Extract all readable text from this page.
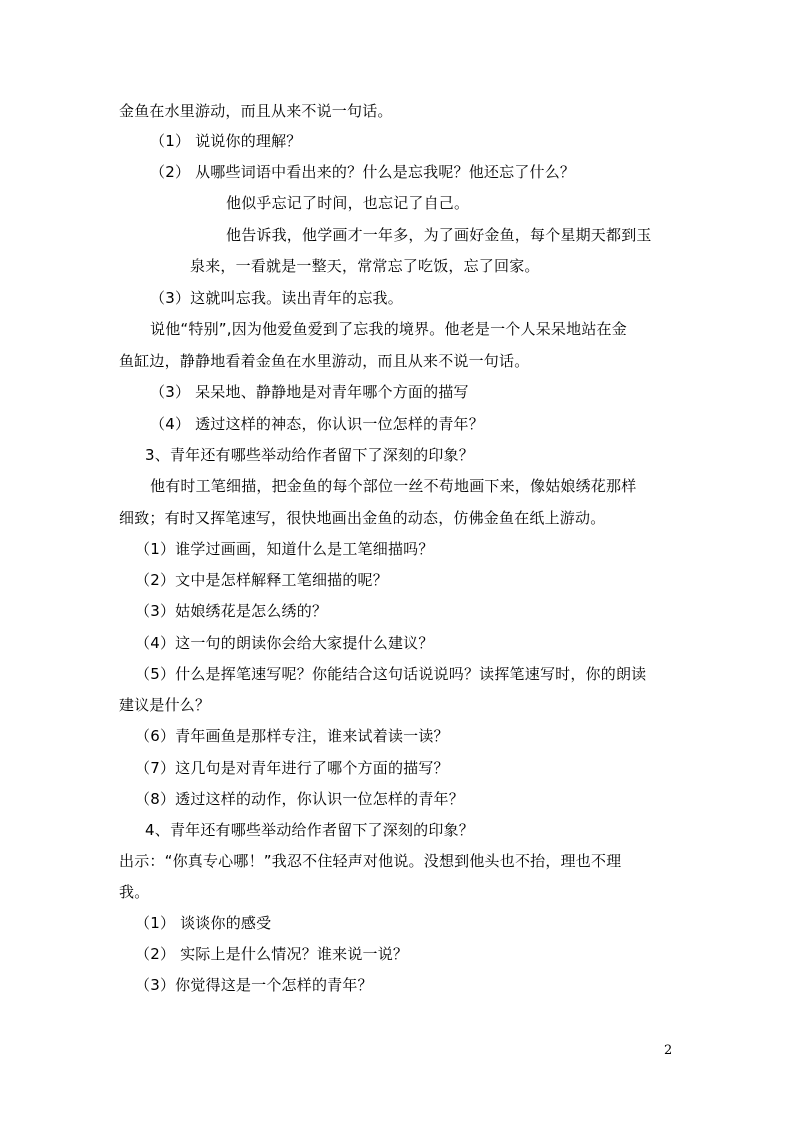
金鱼在水里游动，而且从来不说一句话。
（1） 说说你的理解？
（2） 从哪些词语中看出来的？什么是忘我呢？他还忘了什么？
他似乎忘记了时间，也忘记了自己。
他告诉我，他学画才一年多，为了画好金鱼，每个星期天都到玉
泉来，一看就是一整天，常常忘了吃饭，忘了回家。
（3）这就叫忘我。读出青年的忘我。
说他“特别”,因为他爱鱼爱到了忘我的境界。他老是一个人呆呆地站在金
鱼缸边，静静地看着金鱼在水里游动，而且从来不说一句话。
（3） 呆呆地、静静地是对青年哪个方面的描写
（4） 透过这样的神态，你认识一位怎样的青年？
3、青年还有哪些举动给作者留下了深刻的印象？
他有时工笔细描，把金鱼的每个部位一丝不苟地画下来，像姑娘绣花那样
细致；有时又挥笔速写，很快地画出金鱼的动态，仿佛金鱼在纸上游动。
（1）谁学过画画，知道什么是工笔细描吗？
（2）文中是怎样解释工笔细描的呢？
（3）姑娘绣花是怎么绣的？
（4）这一句的朗读你会给大家提什么建议？
（5）什么是挥笔速写呢？你能结合这句话说说吗？读挥笔速写时，你的朗读
建议是什么？
（6）青年画鱼是那样专注，谁来试着读一读？
（7）这几句是对青年进行了哪个方面的描写？
（8）透过这样的动作，你认识一位怎样的青年？
4、青年还有哪些举动给作者留下了深刻的印象？
出示：“你真专心哪！”我忍不住轻声对他说。没想到他头也不抬，理也不理
我。
（1） 谈谈你的感受
（2） 实际上是什么情况？谁来说一说？
（3）你觉得这是一个怎样的青年？
2
